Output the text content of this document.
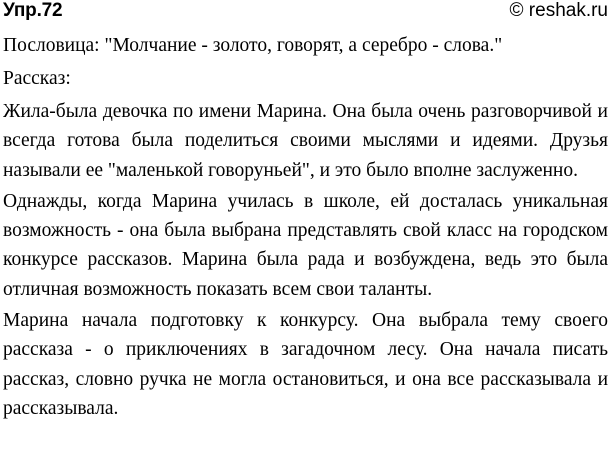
Упр.72	© reshak.ru
Пословица: "Молчание - золото, говорят, а серебро - слова."
Рассказ:

Жила-была девочка по имени Марина. Она была очень разговорчивой и всегда готова была поделиться своими мыслями и идеями. Друзья называли ее "маленькой говоруньей", и это было вполне заслуженно.

Однажды, когда Марина училась в школе, ей досталась уникальная возможность - она была выбрана представлять свой класс на городском конкурсе рассказов. Марина была рада и возбуждена, ведь это была отличная возможность показать всем свои таланты.

Марина начала подготовку к конкурсу. Она выбрала тему своего рассказа - о приключениях в загадочном лесу. Она начала писать рассказ, словно ручка не могла остановиться, и она все рассказывала и рассказывала.
